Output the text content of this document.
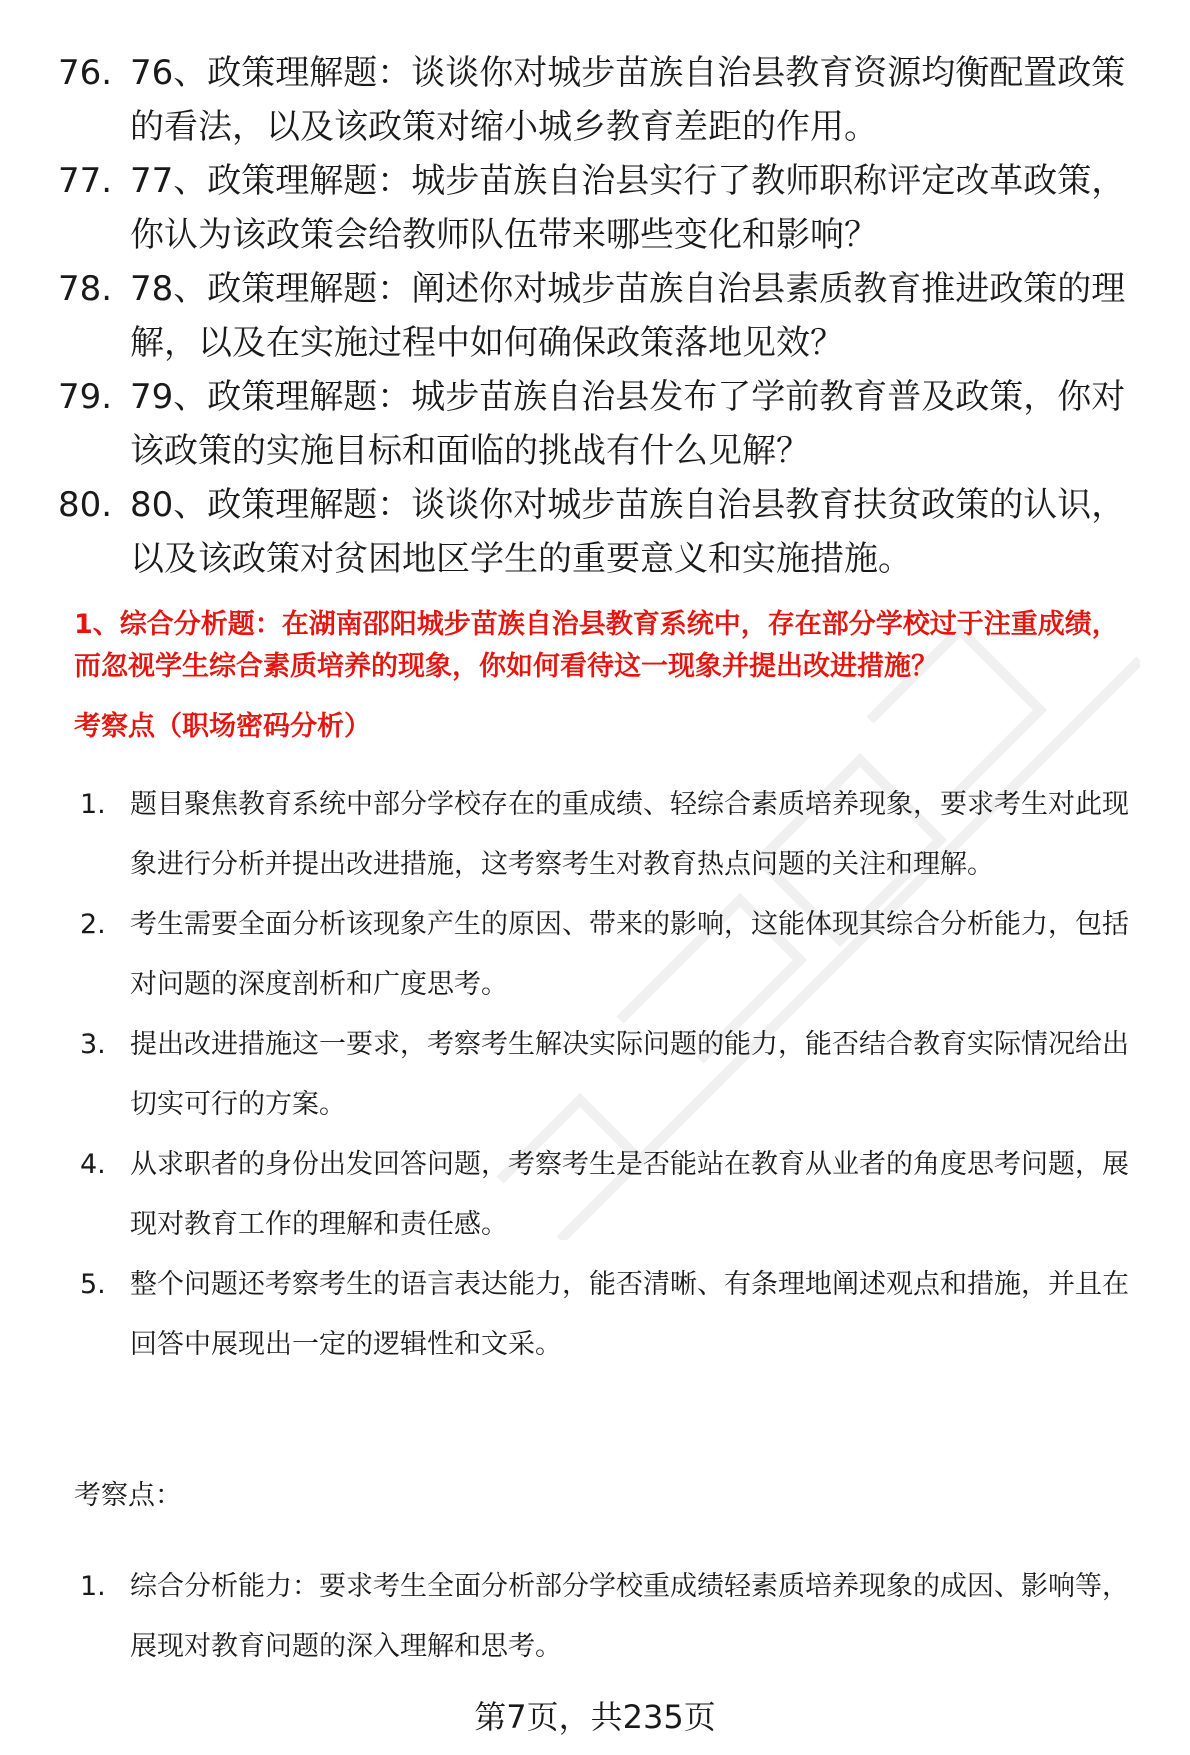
76. 76、政策理解题：谈谈你对城步苗族自治县教育资源均衡配置政策的看法，以及该政策对缩小城乡教育差距的作用。
77. 77、政策理解题：城步苗族自治县实行了教师职称评定改革政策，你认为该政策会给教师队伍带来哪些变化和影响？
78. 78、政策理解题：阐述你对城步苗族自治县素质教育推进政策的理解，以及在实施过程中如何确保政策落地见效？
79. 79、政策理解题：城步苗族自治县发布了学前教育普及政策，你对该政策的实施目标和面临的挑战有什么见解？
80. 80、政策理解题：谈谈你对城步苗族自治县教育扶贫政策的认识，以及该政策对贫困地区学生的重要意义和实施措施。

1、综合分析题：在湖南邵阳城步苗族自治县教育系统中，存在部分学校过于注重成绩，而忽视学生综合素质培养的现象，你如何看待这一现象并提出改进措施？

考察点（职场密码分析）

1. 题目聚焦教育系统中部分学校存在的重成绩、轻综合素质培养现象，要求考生对此现象进行分析并提出改进措施，这考察考生对教育热点问题的关注和理解。
2. 考生需要全面分析该现象产生的原因、带来的影响，这能体现其综合分析能力，包括对问题的深度剖析和广度思考。
3. 提出改进措施这一要求，考察考生解决实际问题的能力，能否结合教育实际情况给出切实可行的方案。
4. 从求职者的身份出发回答问题，考察考生是否能站在教育从业者的角度思考问题，展现对教育工作的理解和责任感。
5. 整个问题还考察考生的语言表达能力，能否清晰、有条理地阐述观点和措施，并且在回答中展现出一定的逻辑性和文采。

考察点：

1. 综合分析能力：要求考生全面分析部分学校重成绩轻素质培养现象的成因、影响等，展现对教育问题的深入理解和思考。

第7页，共235页
